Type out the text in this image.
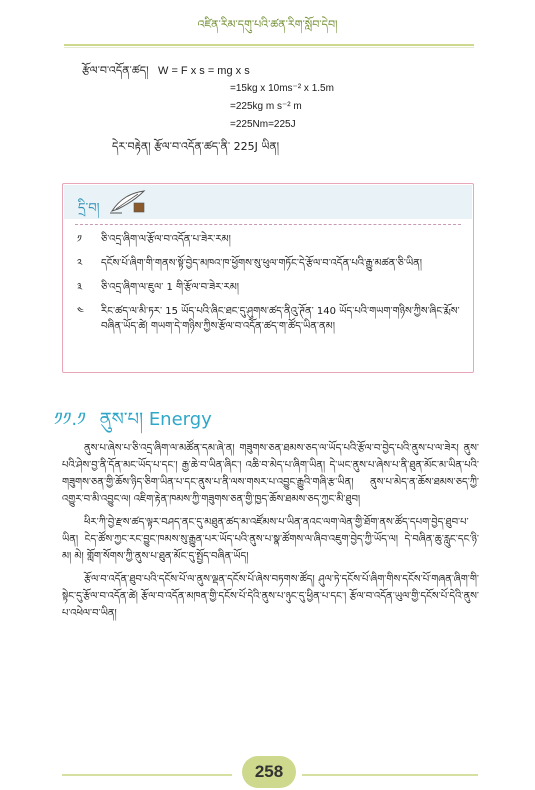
འཛིན་རིམ་དགུ་པའི་ཚན་རིག་སློབ་དེབ།
རྩོལ་བ་འདོན་ཚད། W = F x s = mg x s
=15kg x 10ms⁻² x 1.5m
=225kg m s⁻² m
=225Nm=225J
དེར་བརྟེན། རྩོལ་བ་འདོན་ཚད་ནི་ 225J ཡིན།
དྲི་བ།
༡	ཅི་འདྲ་ཞིག་ལ་རྩོལ་བ་འདོན་པ་ཟེར་རམ།
༢	དངོས་པོ་ཞིག་གི་གནས་སྟོ་བྱེད་མཁའ་ཁ་ཕྱོགས་སུ་ཕུལ་གཏོང་དེ་རྩོལ་བ་འདོན་པའི་རྒྱུ་མཚན་ཅི་ཡིན།
༣	ཅི་འདྲ་ཞིག་ལ་ཇུལ་ 1 གི་རྩོལ་བ་ཟེར་རམ།
༤	རིང་ཚད་ལ་མི་ཏར་ 15 ཡོད་པའི་ཞིང་ཐང་དུ་ཤུགས་ཚད་ནིའུ་ཊོན་ 140 ཡོད་པའི་གཡག་གཉིས་ཀྱིས་ཞིང་རྨོས་བཞིན་ཡོད་ཚེ། གཡག་དེ་གཉིས་ཀྱིས་རྩོལ་བ་འདོན་ཚད་ག་ཚོད་ཡིན་ནམ།
༡༡.༡ ནུས་པ། Energy

ནུས་པ་ཞེས་པ་ཅི་འདྲ་ཞིག་ལ་མཚོན་དམ་ཞེ་ན། གཟུགས་ཅན་ཐམས་ཅད་ལ་ཡོད་པའི་རྩོལ་བ་བྱེད་པའི་ནུས་པ་ལ་ཟེར། ནུས་པའི་ཤེས་བྱ་ནི་དོན་མང་ཡོད་པ་དང་། རྒྱ་ཆེ་བ་ཡིན་ཞིང་། འཆི་བ་མེད་པ་ཞིག་ཡིན། དེ་ཡང་ནུས་པ་ཞེས་པ་ནི་ཐུན་མོང་མ་ཡིན་པའི་གཟུགས་ཅན་གྱི་ཆོས་ཉིད་ཅིག་ཡིན་པ་དང་ནུས་པ་ནི་ལས་གསར་པ་འབྱུང་རྒྱུའི་གཞི་རྩ་ཡིན། ནུས་པ་མེད་ན་ཆོས་ཐམས་ཅད་ཀྱི་འགྱུར་བ་མི་འབྱུང་ལ། འཇིག་རྟེན་ཁམས་ཀྱི་གཟུགས་ཅན་གྱི་ཁྱད་ཆོས་ཐམས་ཅད་ཀྱང་མི་ཐུབ།

ཕིར་ཀི་བྱེ་རྫས་ཚད་ལྟར་བཤད་ནང་དུ་མཐུན་ཚད་མ་འཛོམས་པ་ཡིན་ནའང་ལག་ལེན་གྱི་ཐོག་ནས་ཚོད་དཔག་བྱེད་ཐུབ་པ་ཡིན། ངེད་ཚོས་ཀྱང་རང་བྱུང་ཁམས་སུ་རྒྱུན་པར་ཡོད་པའི་ནུས་པ་སྣ་ཚོགས་ལ་ཞིབ་འཇུག་བྱེད་ཀྱི་ཡོད་ལ། དེ་བཞིན་ཆུ་རླུང་དང་ཉི་མ། མེ། གློག་སོགས་ཀྱི་ནུས་པ་ཐུན་མོང་དུ་སྤྱོད་བཞིན་ཡོད།

རྩོལ་བ་འདོན་ཐུབ་པའི་དངོས་པོ་ལ་ནུས་ལྡན་དངོས་པོ་ཞེས་བཏགས་ཚོད། ཤུལ་ཏེ་དངོས་པོ་ཞིག་གིས་དངོས་པོ་གཞན་ཞིག་གི་སྟེང་དུ་རྩོལ་བ་འདོན་ཚེ། རྩོལ་བ་འདོན་མཁན་གྱི་དངོས་པོ་དེའི་ནུས་པ་ཉུང་དུ་ཕྱིན་པ་དང་། རྩོལ་བ་འདོན་ཡུལ་གྱི་དངོས་པོ་དེའི་ནུས་པ་འཕེལ་བ་ཡིན།

258
